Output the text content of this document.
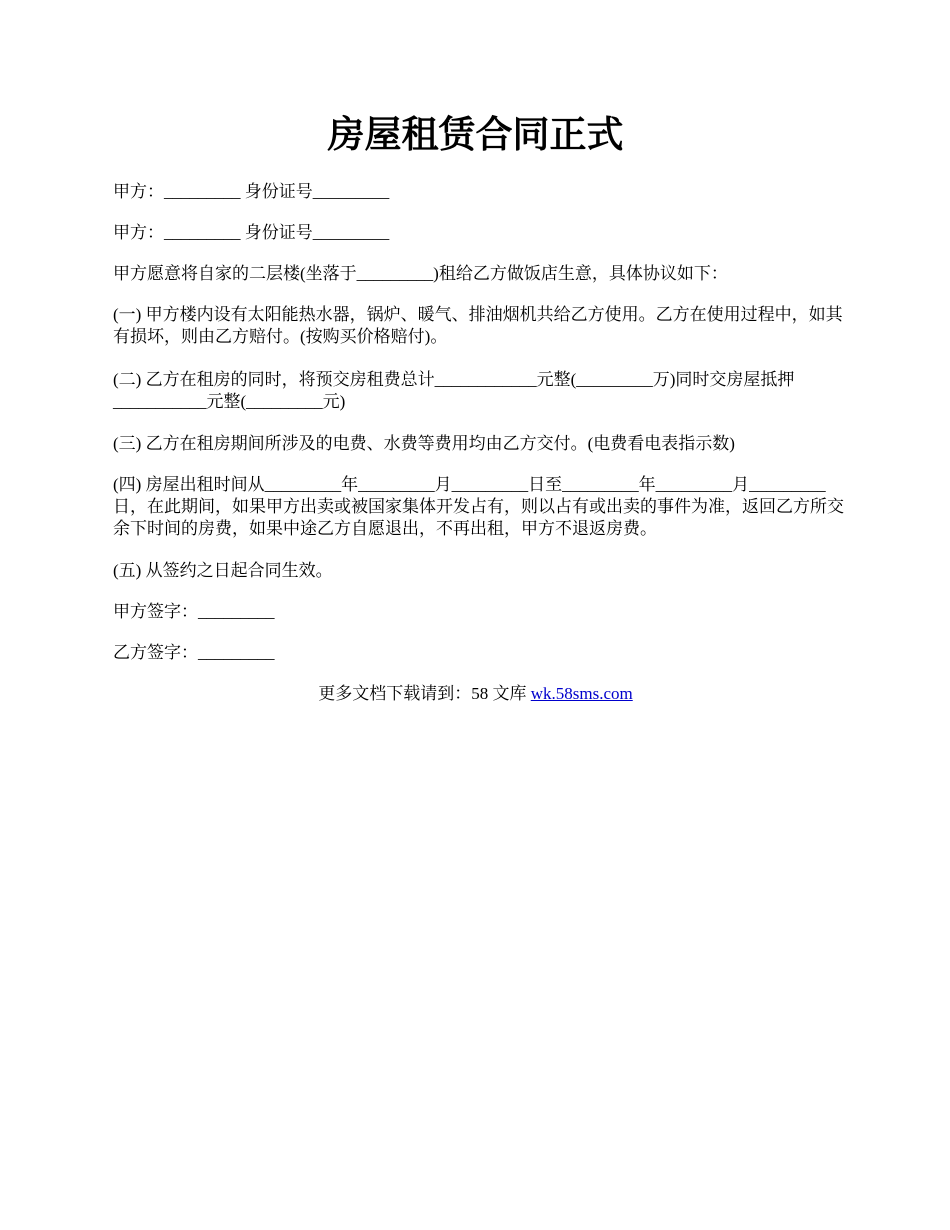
房屋租赁合同正式

甲方：_________ 身份证号_________

甲方：_________ 身份证号_________

甲方愿意将自家的二层楼(坐落于_________)租给乙方做饭店生意，具体协议如下：

(一) 甲方楼内设有太阳能热水器，锅炉、暖气、排油烟机共给乙方使用。乙方在使用过程中，如其有损坏，则由乙方赔付。(按购买价格赔付)。

(二) 乙方在租房的同时，将预交房租费总计____________元整(_________万)同时交房屋抵押___________元整(_________元)

(三) 乙方在租房期间所涉及的电费、水费等费用均由乙方交付。(电费看电表指示数)

(四) 房屋出租时间从_________年_________月_________日至_________年_________月_________日，在此期间，如果甲方出卖或被国家集体开发占有，则以占有或出卖的事件为准，返回乙方所交余下时间的房费，如果中途乙方自愿退出，不再出租，甲方不退返房费。

(五) 从签约之日起合同生效。

甲方签字：_________

乙方签字：_________

更多文档下载请到：58 文库 wk.58sms.com
